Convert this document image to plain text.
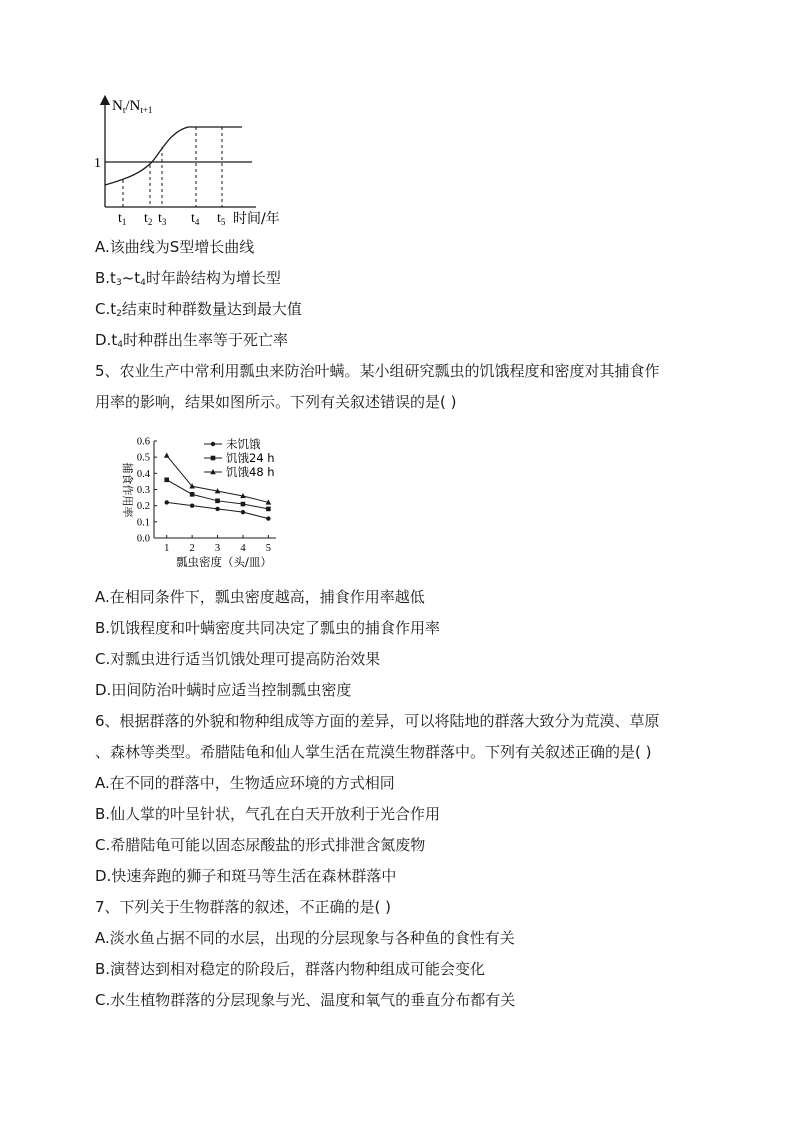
$N_t/N_{t+1}$
1
$t_1$ $t_2$ $t_3$ $t_4$ $t_5$ 时间/年
A.该曲线为S型增长曲线
$B.t_3\sim t_4$时年龄结构为增长型
$C.t_2$结束时种群数量达到最大值
$D.t_4$时种群出生率等于死亡率
5、农业生产中常利用瓢虫来防治叶螨。某小组研究瓢虫的饥饿程度和密度对其捕食作
用率的影响，结果如图所示。下列有关叙述错误的是( )
0.0
0.1
0.2
0.3
0.4
0.5
0.6
1 2 3 4 5
未饥饿
饥饿24 h
饥饿48 h
捕食作用率
瓢虫密度（头/皿）
A.在相同条件下，瓢虫密度越高，捕食作用率越低
B.饥饿程度和叶螨密度共同决定了瓢虫的捕食作用率
C.对瓢虫进行适当饥饿处理可提高防治效果
D.田间防治叶螨时应适当控制瓢虫密度
6、根据群落的外貌和物种组成等方面的差异，可以将陆地的群落大致分为荒漠、草原
、森林等类型。希腊陆龟和仙人掌生活在荒漠生物群落中。下列有关叙述正确的是( )
A.在不同的群落中，生物适应环境的方式相同
B.仙人掌的叶呈针状，气孔在白天开放利于光合作用
C.希腊陆龟可能以固态尿酸盐的形式排泄含氮废物
D.快速奔跑的狮子和斑马等生活在森林群落中
7、下列关于生物群落的叙述，不正确的是( )
A.淡水鱼占据不同的水层，出现的分层现象与各种鱼的食性有关
B.演替达到相对稳定的阶段后，群落内物种组成可能会变化
C.水生植物群落的分层现象与光、温度和氧气的垂直分布都有关
